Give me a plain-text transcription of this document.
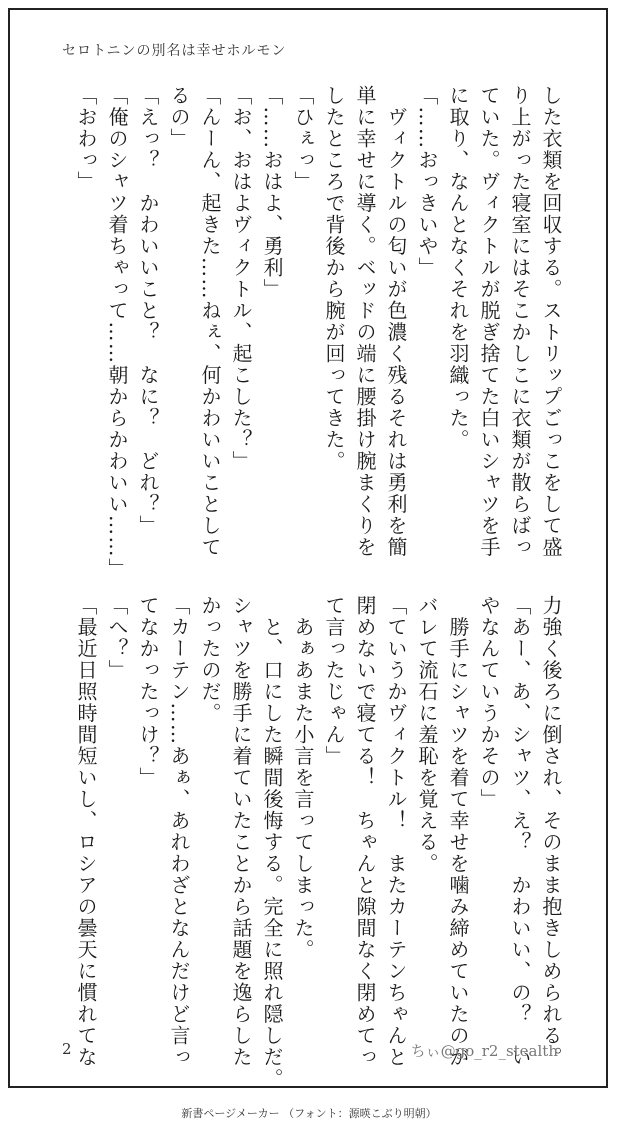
セロトニンの別名は幸せホルモン

した衣類を回収する。ストリップごっこをして盛

り上がった寝室にはそこかしこに衣類が散らばっ

ていた。ヴィクトルが脱ぎ捨てた白いシャツを手

に取り、なんとなくそれを羽織った。

「……おっきいや」

　ヴィクトルの匂いが色濃く残るそれは勇利を簡

単に幸せに導く。ベッドの端に腰掛け腕まくりを

したところで背後から腕が回ってきた。

「ひぇっ」

「……おはよ、勇利」

「お、おはよヴィクトル、起こした？」

「んーん、起きた……ねぇ、何かわいいことして

るの」

「えっ？　かわいいこと？　なに？　どれ？」

「俺のシャツ着ちゃって……朝からかわいい……」

「おわっ」

力強く後ろに倒され、そのまま抱きしめられる。

「あー、あ、シャツ、え？　かわいい、の？　い

やなんていうかその」

　勝手にシャツを着て幸せを噛み締めていたのが

バレて流石に羞恥を覚える。

「ていうかヴィクトル！　またカーテンちゃんと

閉めないで寝てる！　ちゃんと隙間なく閉めてっ

て言ったじゃん」

　あぁあまた小言を言ってしまった。

　と、口にした瞬間後悔する。完全に照れ隠しだ。

シャツを勝手に着ていたことから話題を逸らした

かったのだ。

「カーテン……あぁ、あれわざとなんだけど言っ

てなかったっけ？」

「へ？」

「最近日照時間短いし、ロシアの曇天に慣れてな

2	ちぃ@go_r2_stealth
新書ページメーカー （フォント：源暎こぶり明朝）
